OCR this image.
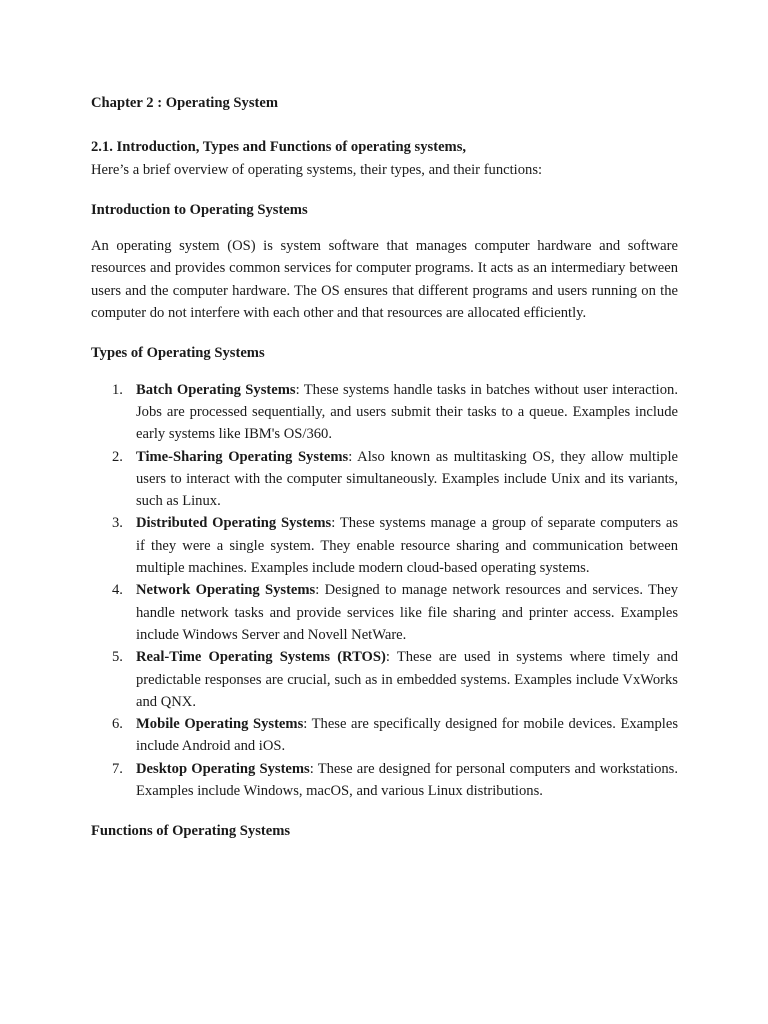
Chapter 2 : Operating System

2.1. Introduction, Types and Functions of operating systems,

Here’s a brief overview of operating systems, their types, and their functions:

Introduction to Operating Systems

An operating system (OS) is system software that manages computer hardware and software resources and provides common services for computer programs. It acts as an intermediary between users and the computer hardware. The OS ensures that different programs and users running on the computer do not interfere with each other and that resources are allocated efficiently.

Types of Operating Systems

1. Batch Operating Systems: These systems handle tasks in batches without user interaction. Jobs are processed sequentially, and users submit their tasks to a queue. Examples include early systems like IBM's OS/360.
2. Time-Sharing Operating Systems: Also known as multitasking OS, they allow multiple users to interact with the computer simultaneously. Examples include Unix and its variants, such as Linux.
3. Distributed Operating Systems: These systems manage a group of separate computers as if they were a single system. They enable resource sharing and communication between multiple machines. Examples include modern cloud-based operating systems.
4. Network Operating Systems: Designed to manage network resources and services. They handle network tasks and provide services like file sharing and printer access. Examples include Windows Server and Novell NetWare.
5. Real-Time Operating Systems (RTOS): These are used in systems where timely and predictable responses are crucial, such as in embedded systems. Examples include VxWorks and QNX.
6. Mobile Operating Systems: These are specifically designed for mobile devices. Examples include Android and iOS.
7. Desktop Operating Systems: These are designed for personal computers and workstations. Examples include Windows, macOS, and various Linux distributions.

Functions of Operating Systems
